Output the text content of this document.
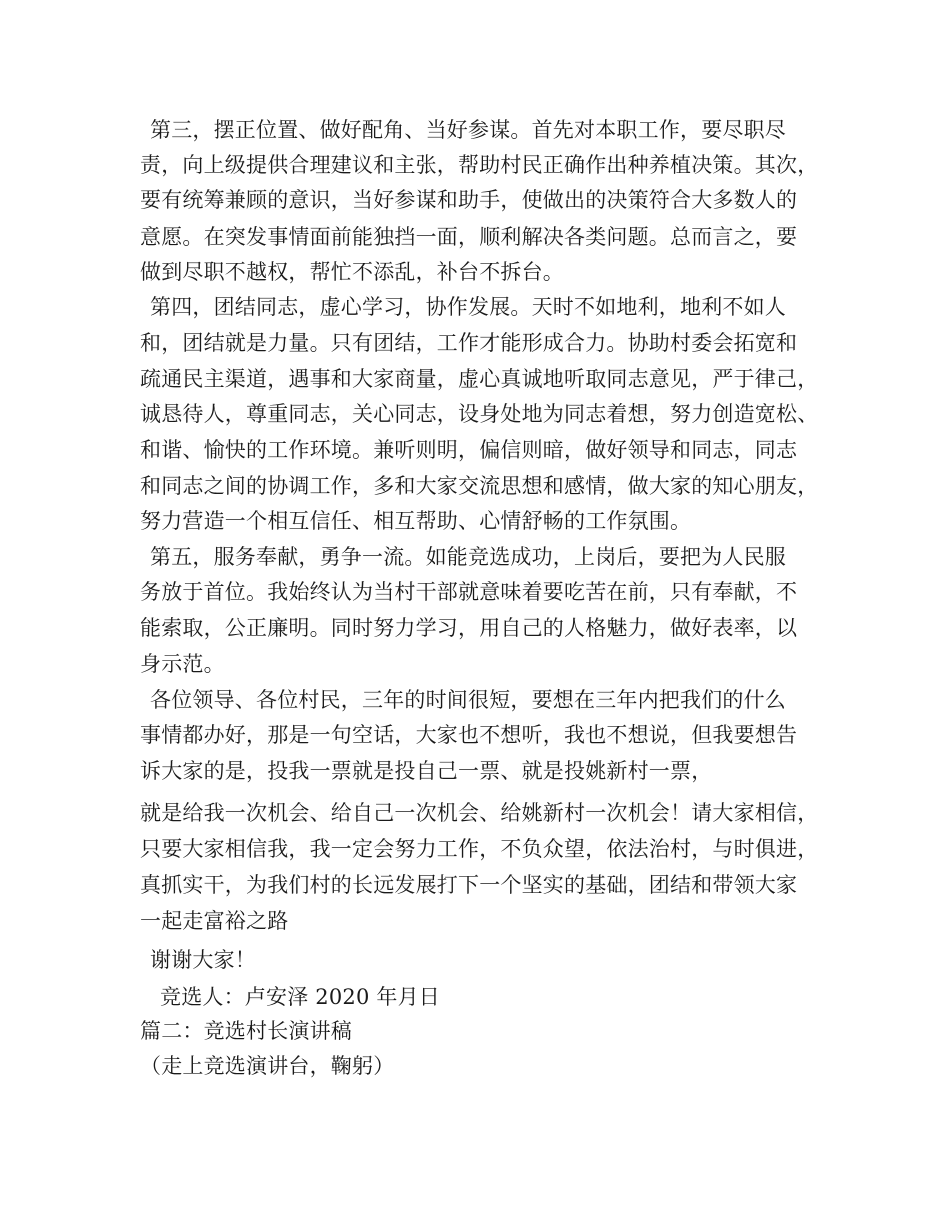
第三，摆正位置、做好配角、当好参谋。首先对本职工作，要尽职尽
责，向上级提供合理建议和主张，帮助村民正确作出种养植决策。其次，
要有统筹兼顾的意识，当好参谋和助手，使做出的决策符合大多数人的
意愿。在突发事情面前能独挡一面，顺利解决各类问题。总而言之，要
做到尽职不越权，帮忙不添乱，补台不拆台。
第四，团结同志，虚心学习，协作发展。天时不如地利，地利不如人
和，团结就是力量。只有团结，工作才能形成合力。协助村委会拓宽和
疏通民主渠道，遇事和大家商量，虚心真诚地听取同志意见，严于律己，
诚恳待人，尊重同志，关心同志，设身处地为同志着想，努力创造宽松、
和谐、愉快的工作环境。兼听则明，偏信则暗，做好领导和同志，同志
和同志之间的协调工作，多和大家交流思想和感情，做大家的知心朋友，
努力营造一个相互信任、相互帮助、心情舒畅的工作氛围。
第五，服务奉献，勇争一流。如能竞选成功，上岗后，要把为人民服
务放于首位。我始终认为当村干部就意味着要吃苦在前，只有奉献，不
能索取，公正廉明。同时努力学习，用自己的人格魅力，做好表率，以
身示范。
各位领导、各位村民，三年的时间很短，要想在三年内把我们的什么
事情都办好，那是一句空话，大家也不想听，我也不想说，但我要想告
诉大家的是，投我一票就是投自己一票、就是投姚新村一票，
就是给我一次机会、给自己一次机会、给姚新村一次机会！请大家相信，
只要大家相信我，我一定会努力工作，不负众望，依法治村，与时俱进，
真抓实干，为我们村的长远发展打下一个坚实的基础，团结和带领大家
一起走富裕之路
谢谢大家！
竞选人：卢安泽 2020 年月日
篇二：竞选村长演讲稿
（走上竞选演讲台，鞠躬）
